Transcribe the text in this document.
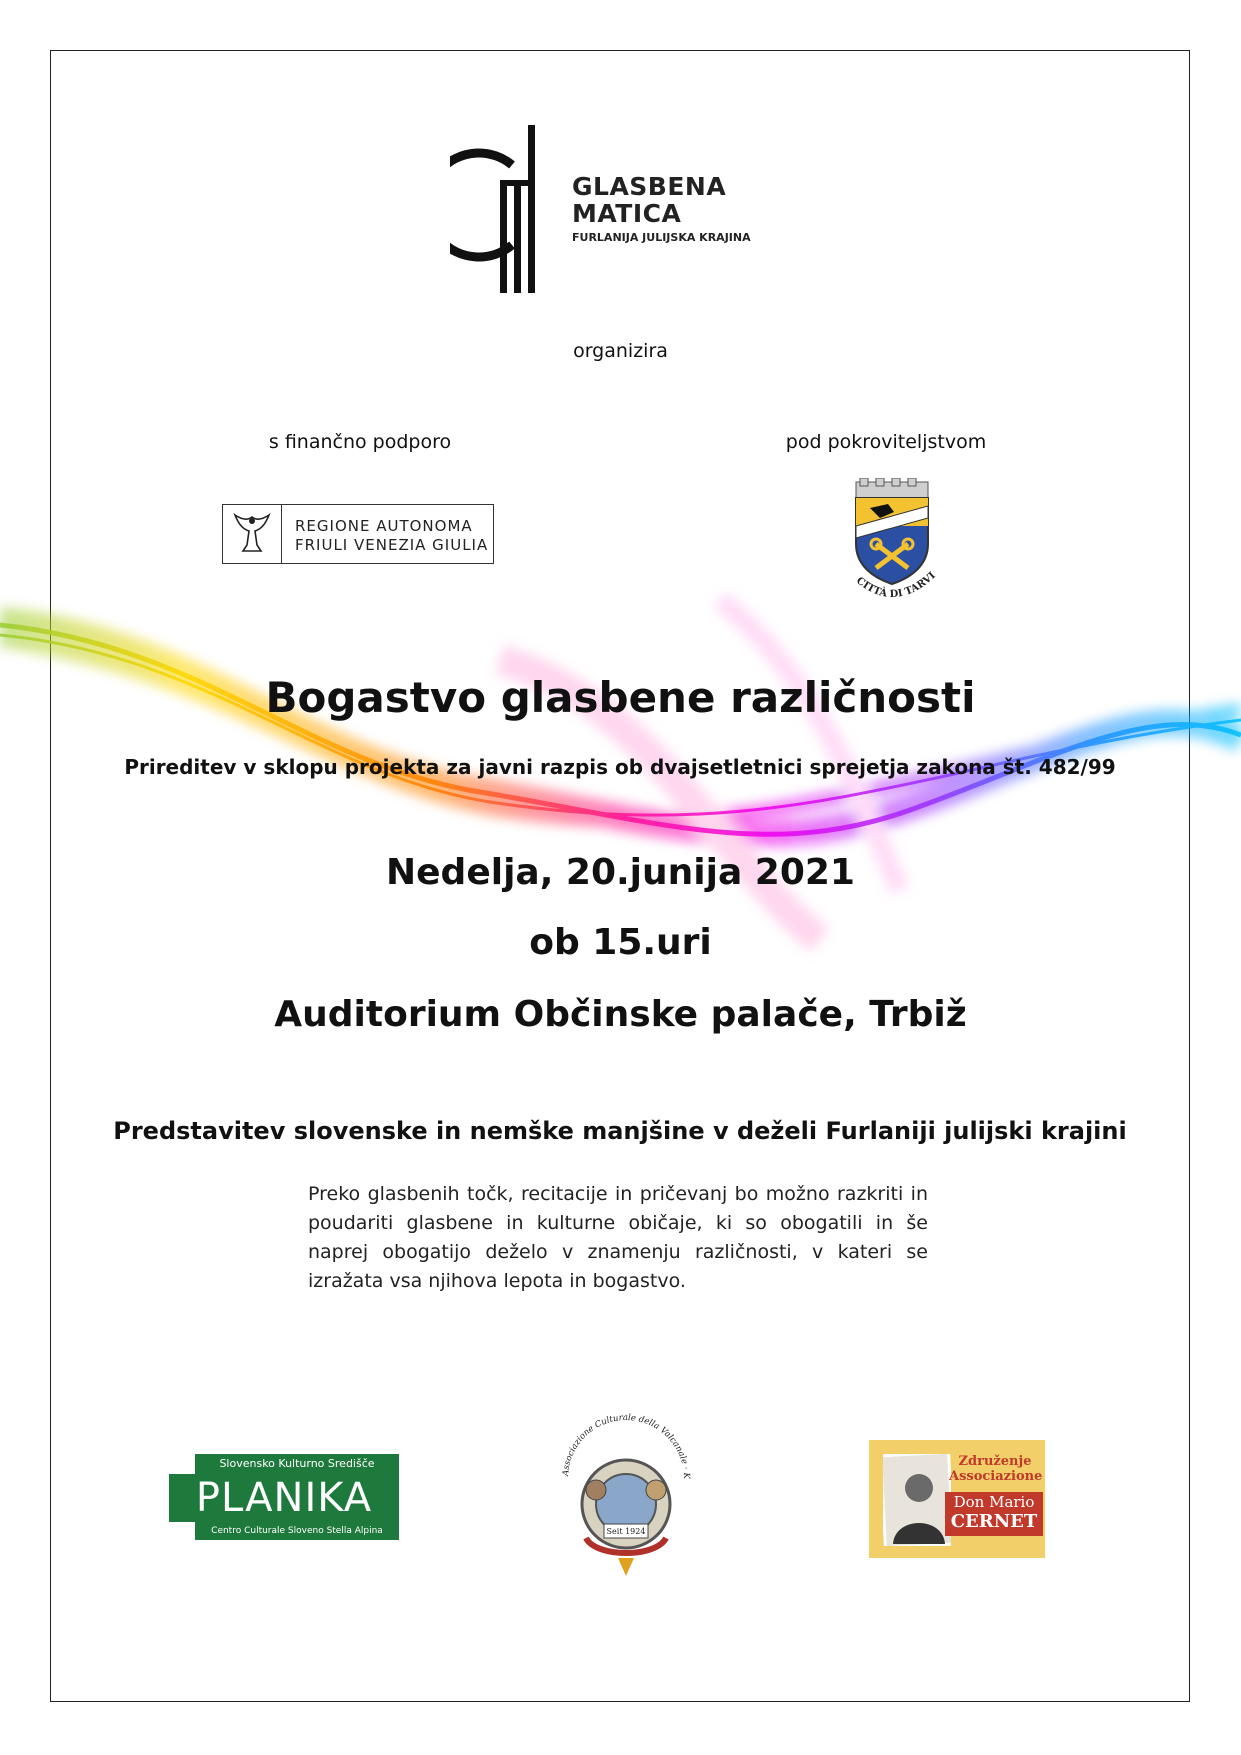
GLASBENA
MATICA
FURLANIJA JULIJSKA KRAJINA
organizira
s finančno podporo	pod pokroviteljstvom
REGIONE AUTONOMA
FRIULI VENEZIA GIULIA
CITTÀ DI TARVI
Bogastvo glasbene različnosti
Prireditev v sklopu projekta za javni razpis ob dvajsetletnici sprejetja zakona št. 482/99
Nedelja, 20.junija 2021
ob 15.uri
Auditorium Občinske palače, Trbiž
Predstavitev slovenske in nemške manjšine v deželi Furlaniji julijski krajini
Preko glasbenih točk, recitacije in pričevanj bo možno razkriti in poudariti glasbene in kulturne običaje, ki so obogatili in še naprej obogatijo deželo v znamenju različnosti, v kateri se izražata vsa njihova lepota in bogastvo.
Slovensko Kulturno Središče
PLANIKA
Centro Culturale Sloveno Stella Alpina
Associazione Culturale della Valcanale · K
Seit 1924
Združenje
Associazione
Don Mario
CERNET
